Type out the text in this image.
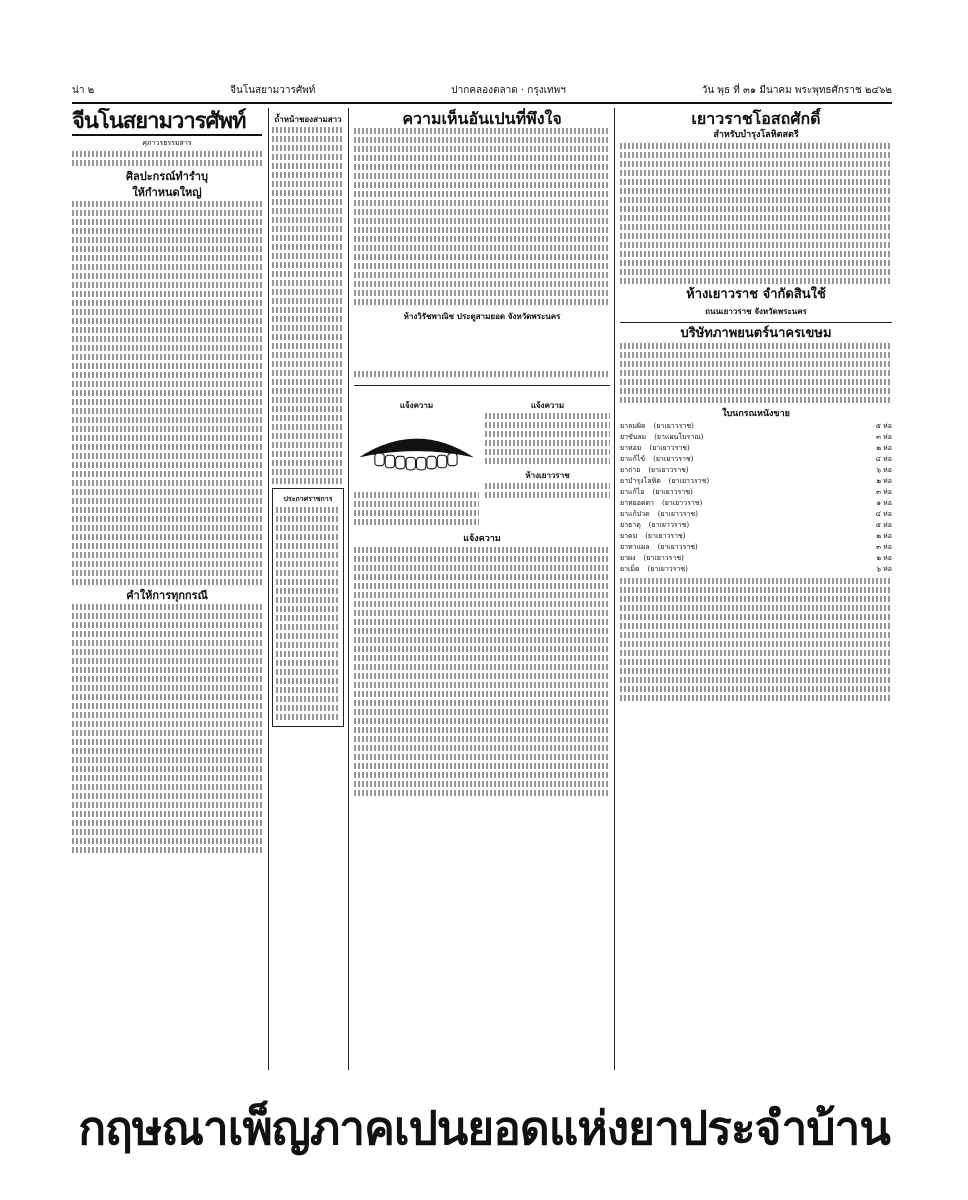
น่า ๒	จีนโนสยามวารศัพท์	ปากคลองตลาด · กรุงเทพฯ	วัน พุธ ที่ ๓๑ มีนาคม พระพุทธศักราช ๒๔๖๒
จีนโนสยามวารศัพท์
ศุภาวรธรรมสาร
ศิลปะกรณ์ทำรำบุ
ให้กำหนดใหญ่
คำให้การทุกกรณี
ถ้ำหน้าชองสามสาว
ประกาศราชการ
ความเห็นอันเปนที่พึงใจ
ห้างวิรัชพาณิช ประตูสามยอด จังหวัดพระนคร
แจ้งความ	แจ้งความ
ห้างเยาวราช
แจ้งความ
เยาวราชโอสถศักดิ์
สำหรับบำรุงโลหิตสตรี
ห้างเยาวราช จำกัดสินใช้
ถนนเยาวราช จังหวัดพระนคร
บริษัทภาพยนตร์นาครเขษม
ใบนกรณหนังขาย
ยาลมผิด	(ยาเยาวราช)	๕ ห่อ
ยาขับลม	(ยาแผนโบราณ)	๓ ห่อ
ยาหอม	(ยาเยาวราช)	๒ ห่อ
ยาแก้ไข้	(ยาเยาวราช)	๔ ห่อ
ยาถ่าย	(ยาเยาวราช)	๖ ห่อ
ยาบำรุงโลหิต	(ยาเยาวราช)	๒ ห่อ
ยาแก้ไอ	(ยาเยาวราช)	๓ ห่อ
ยาหยอดตา	(ยาเยาวราช)	๑ ห่อ
ยาแก้ปวด	(ยาเยาวราช)	๔ ห่อ
ยาธาตุ	(ยาเยาวราช)	๕ ห่อ
ยาดม	(ยาเยาวราช)	๒ ห่อ
ยาทาแผล	(ยาเยาวราช)	๓ ห่อ
ยาผง	(ยาเยาวราช)	๒ ห่อ
ยาเม็ด	(ยาเยาวราช)	๖ ห่อ
กฤษณาเพ็ญภาคเปนยอดแห่งยาประจำบ้าน
